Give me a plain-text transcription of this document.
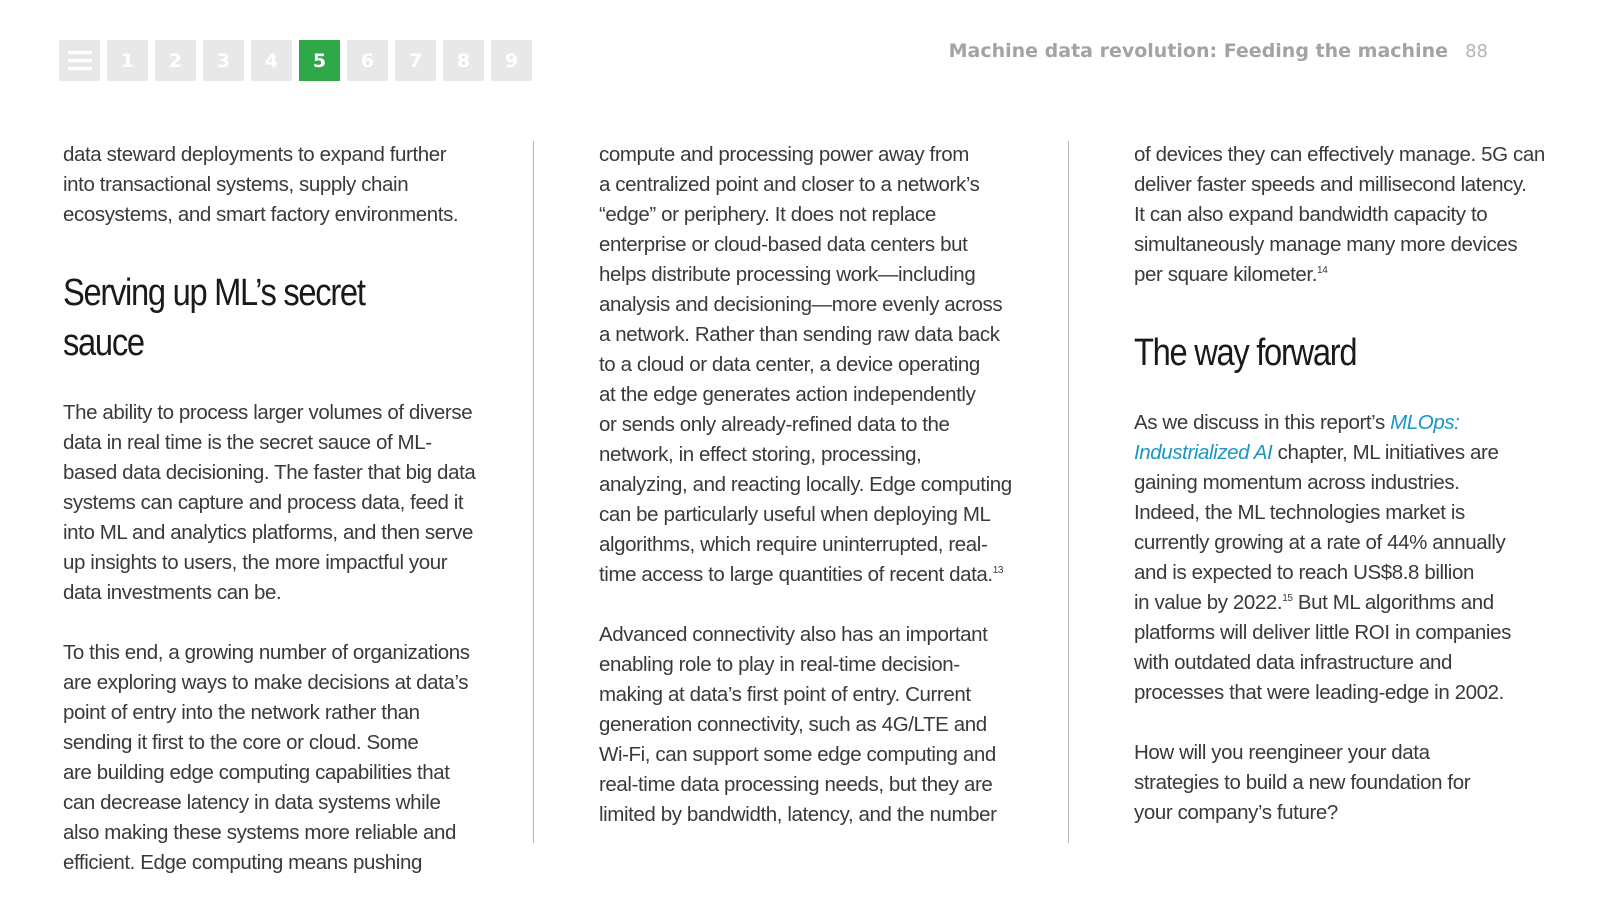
1	2	3	4	5	6	7	8	9	Machine data revolution: Feeding the machine 88

data steward deployments to expand further
into transactional systems, supply chain
ecosystems, and smart factory environments.

Serving up ML’s secret sauce

The ability to process larger volumes of diverse
data in real time is the secret sauce of ML-
based data decisioning. The faster that big data
systems can capture and process data, feed it
into ML and analytics platforms, and then serve
up insights to users, the more impactful your
data investments can be.

To this end, a growing number of organizations
are exploring ways to make decisions at data’s
point of entry into the network rather than
sending it first to the core or cloud. Some
are building edge computing capabilities that
can decrease latency in data systems while
also making these systems more reliable and
efficient. Edge computing means pushing

compute and processing power away from
a centralized point and closer to a network’s
“edge” or periphery. It does not replace
enterprise or cloud-based data centers but
helps distribute processing work—including
analysis and decisioning—more evenly across
a network. Rather than sending raw data back
to a cloud or data center, a device operating
at the edge generates action independently
or sends only already-refined data to the
network, in effect storing, processing,
analyzing, and reacting locally. Edge computing
can be particularly useful when deploying ML
algorithms, which require uninterrupted, real-
time access to large quantities of recent data.$^{13}$

Advanced connectivity also has an important
enabling role to play in real-time decision-
making at data’s first point of entry. Current
generation connectivity, such as 4G/LTE and
Wi-Fi, can support some edge computing and
real-time data processing needs, but they are
limited by bandwidth, latency, and the number

of devices they can effectively manage. 5G can
deliver faster speeds and millisecond latency.
It can also expand bandwidth capacity to
simultaneously manage many more devices
per square kilometer.$^{14}$

The way forward

As we discuss in this report’s MLOps:
Industrialized AI chapter, ML initiatives are
gaining momentum across industries.
Indeed, the ML technologies market is
currently growing at a rate of 44% annually
and is expected to reach US$8.8 billion
in value by 2022.15 But ML algorithms and
platforms will deliver little ROI in companies
with outdated data infrastructure and
processes that were leading-edge in 2002.

How will you reengineer your data
strategies to build a new foundation for
your company’s future?
